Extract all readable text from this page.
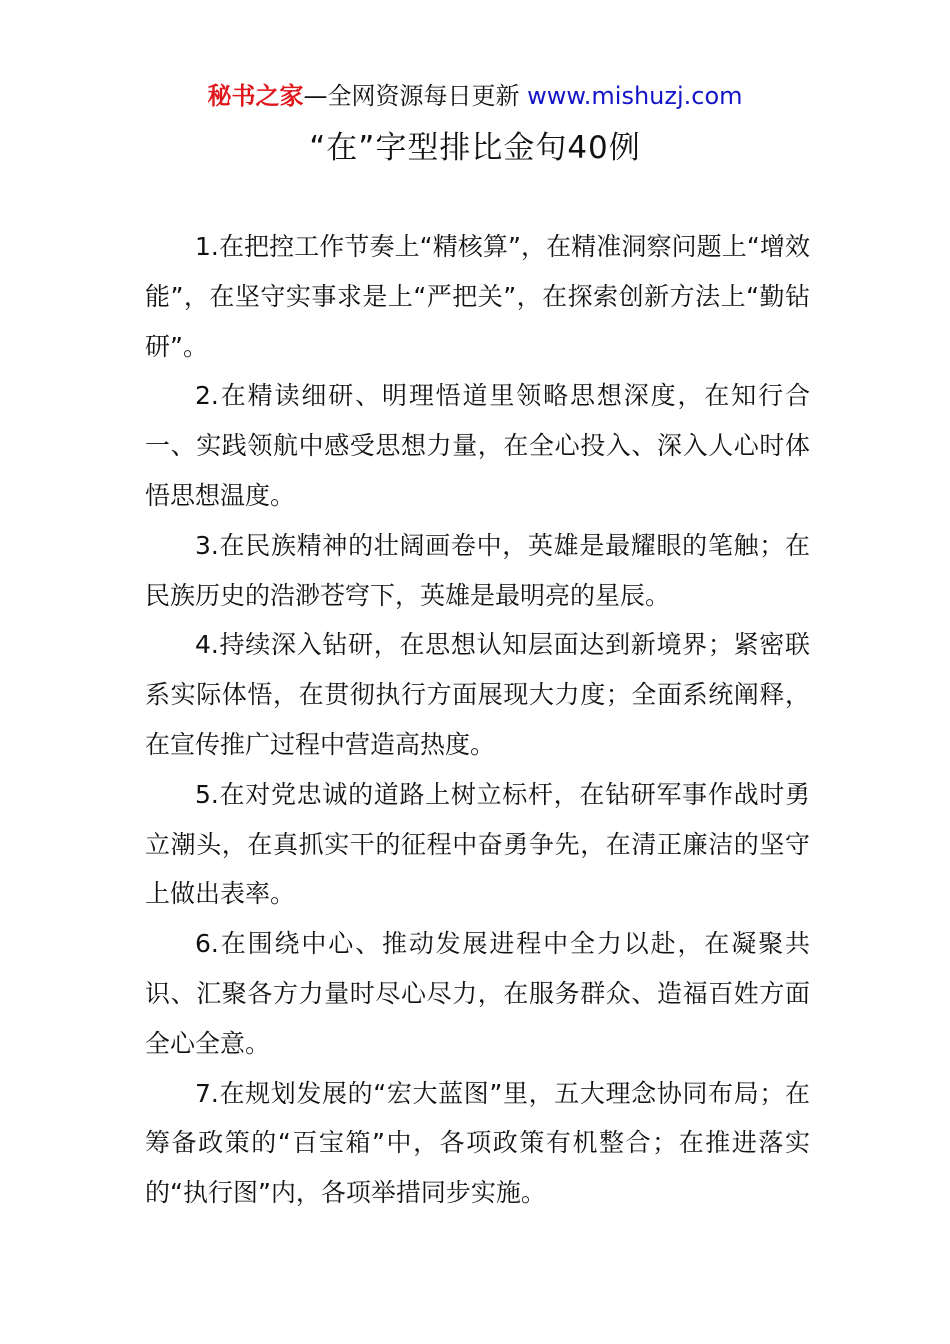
秘书之家—全网资源每日更新 www.mishuzj.com
“在”字型排比金句40例

1.在把控工作节奏上“精核算”，在精准洞察问题上“增效能”，在坚守实事求是上“严把关”，在探索创新方法上“勤钻研”。

2.在精读细研、明理悟道里领略思想深度，在知行合一、实践领航中感受思想力量，在全心投入、深入人心时体悟思想温度。

3.在民族精神的壮阔画卷中，英雄是最耀眼的笔触；在民族历史的浩渺苍穹下，英雄是最明亮的星辰。

4.持续深入钻研，在思想认知层面达到新境界；紧密联系实际体悟，在贯彻执行方面展现大力度；全面系统阐释，在宣传推广过程中营造高热度。

5.在对党忠诚的道路上树立标杆，在钻研军事作战时勇立潮头，在真抓实干的征程中奋勇争先，在清正廉洁的坚守上做出表率。

6.在围绕中心、推动发展进程中全力以赴，在凝聚共识、汇聚各方力量时尽心尽力，在服务群众、造福百姓方面全心全意。

7.在规划发展的“宏大蓝图”里，五大理念协同布局；在筹备政策的“百宝箱”中，各项政策有机整合；在推进落实的“执行图”内，各项举措同步实施。
